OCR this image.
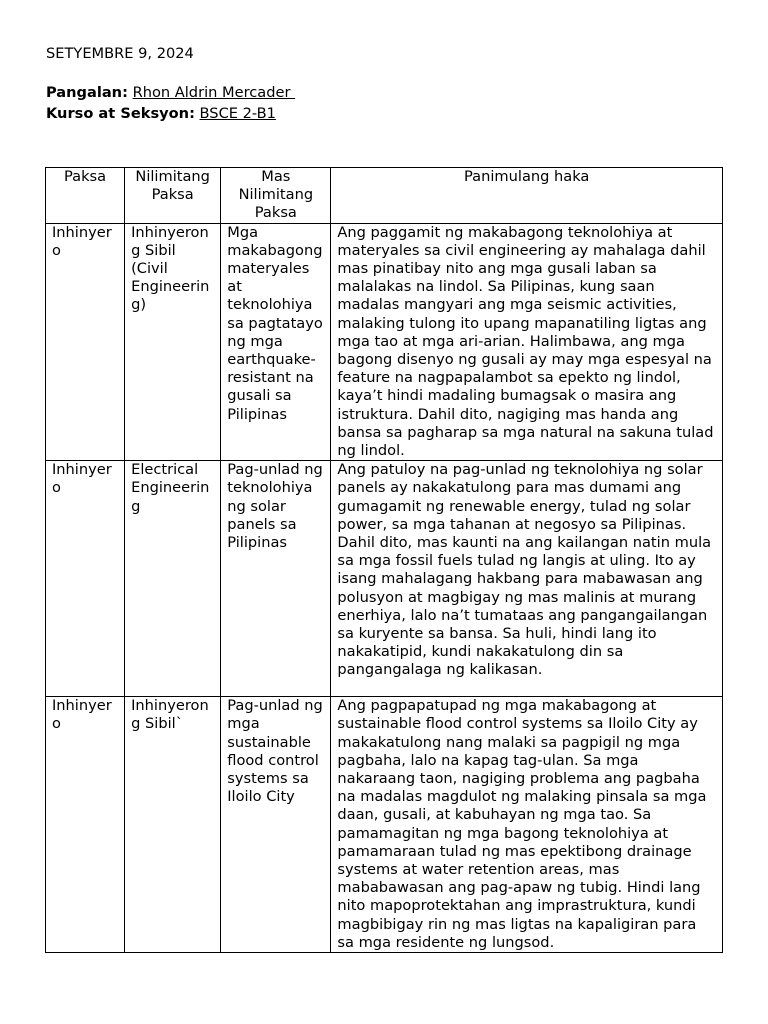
SETYEMBRE 9, 2024
Pangalan: Rhon Aldrin Mercader
Kurso at Seksyon: BSCE 2-B1
Paksa	Nilimitang Paksa	Mas Nilimitang Paksa	Panimulang haka
Inhinyero	Inhinyerong Sibil (Civil Engineering)	Mga makabagong materyales at teknolohiya sa pagtatayo ng mga earthquake-resistant na gusali sa Pilipinas	Ang paggamit ng makabagong teknolohiya at materyales sa civil engineering ay mahalaga dahil mas pinatibay nito ang mga gusali laban sa malalakas na lindol. Sa Pilipinas, kung saan madalas mangyari ang mga seismic activities, malaking tulong ito upang mapanatiling ligtas ang mga tao at mga ari-arian. Halimbawa, ang mga bagong disenyo ng gusali ay may mga espesyal na feature na nagpapalambot sa epekto ng lindol, kaya’t hindi madaling bumagsak o masira ang istruktura. Dahil dito, nagiging mas handa ang bansa sa pagharap sa mga natural na sakuna tulad ng lindol.
Inhinyero	Electrical Engineering	Pag-unlad ng teknolohiya ng solar panels sa Pilipinas	Ang patuloy na pag-unlad ng teknolohiya ng solar panels ay nakakatulong para mas dumami ang gumagamit ng renewable energy, tulad ng solar power, sa mga tahanan at negosyo sa Pilipinas. Dahil dito, mas kaunti na ang kailangan natin mula sa mga fossil fuels tulad ng langis at uling. Ito ay isang mahalagang hakbang para mabawasan ang polusyon at magbigay ng mas malinis at murang enerhiya, lalo na’t tumataas ang pangangailangan sa kuryente sa bansa. Sa huli, hindi lang ito nakakatipid, kundi nakakatulong din sa pangangalaga ng kalikasan.
Inhinyero	Inhinyerong Sibil`	Pag-unlad ng mga sustainable flood control systems sa Iloilo City	Ang pagpapatupad ng mga makabagong at sustainable flood control systems sa Iloilo City ay makakatulong nang malaki sa pagpigil ng mga pagbaha, lalo na kapag tag-ulan. Sa mga nakaraang taon, nagiging problema ang pagbaha na madalas magdulot ng malaking pinsala sa mga daan, gusali, at kabuhayan ng mga tao. Sa pamamagitan ng mga bagong teknolohiya at pamamaraan tulad ng mas epektibong drainage systems at water retention areas, mas mababawasan ang pag-apaw ng tubig. Hindi lang nito mapoprotektahan ang imprastruktura, kundi magbibigay rin ng mas ligtas na kapaligiran para sa mga residente ng lungsod.
